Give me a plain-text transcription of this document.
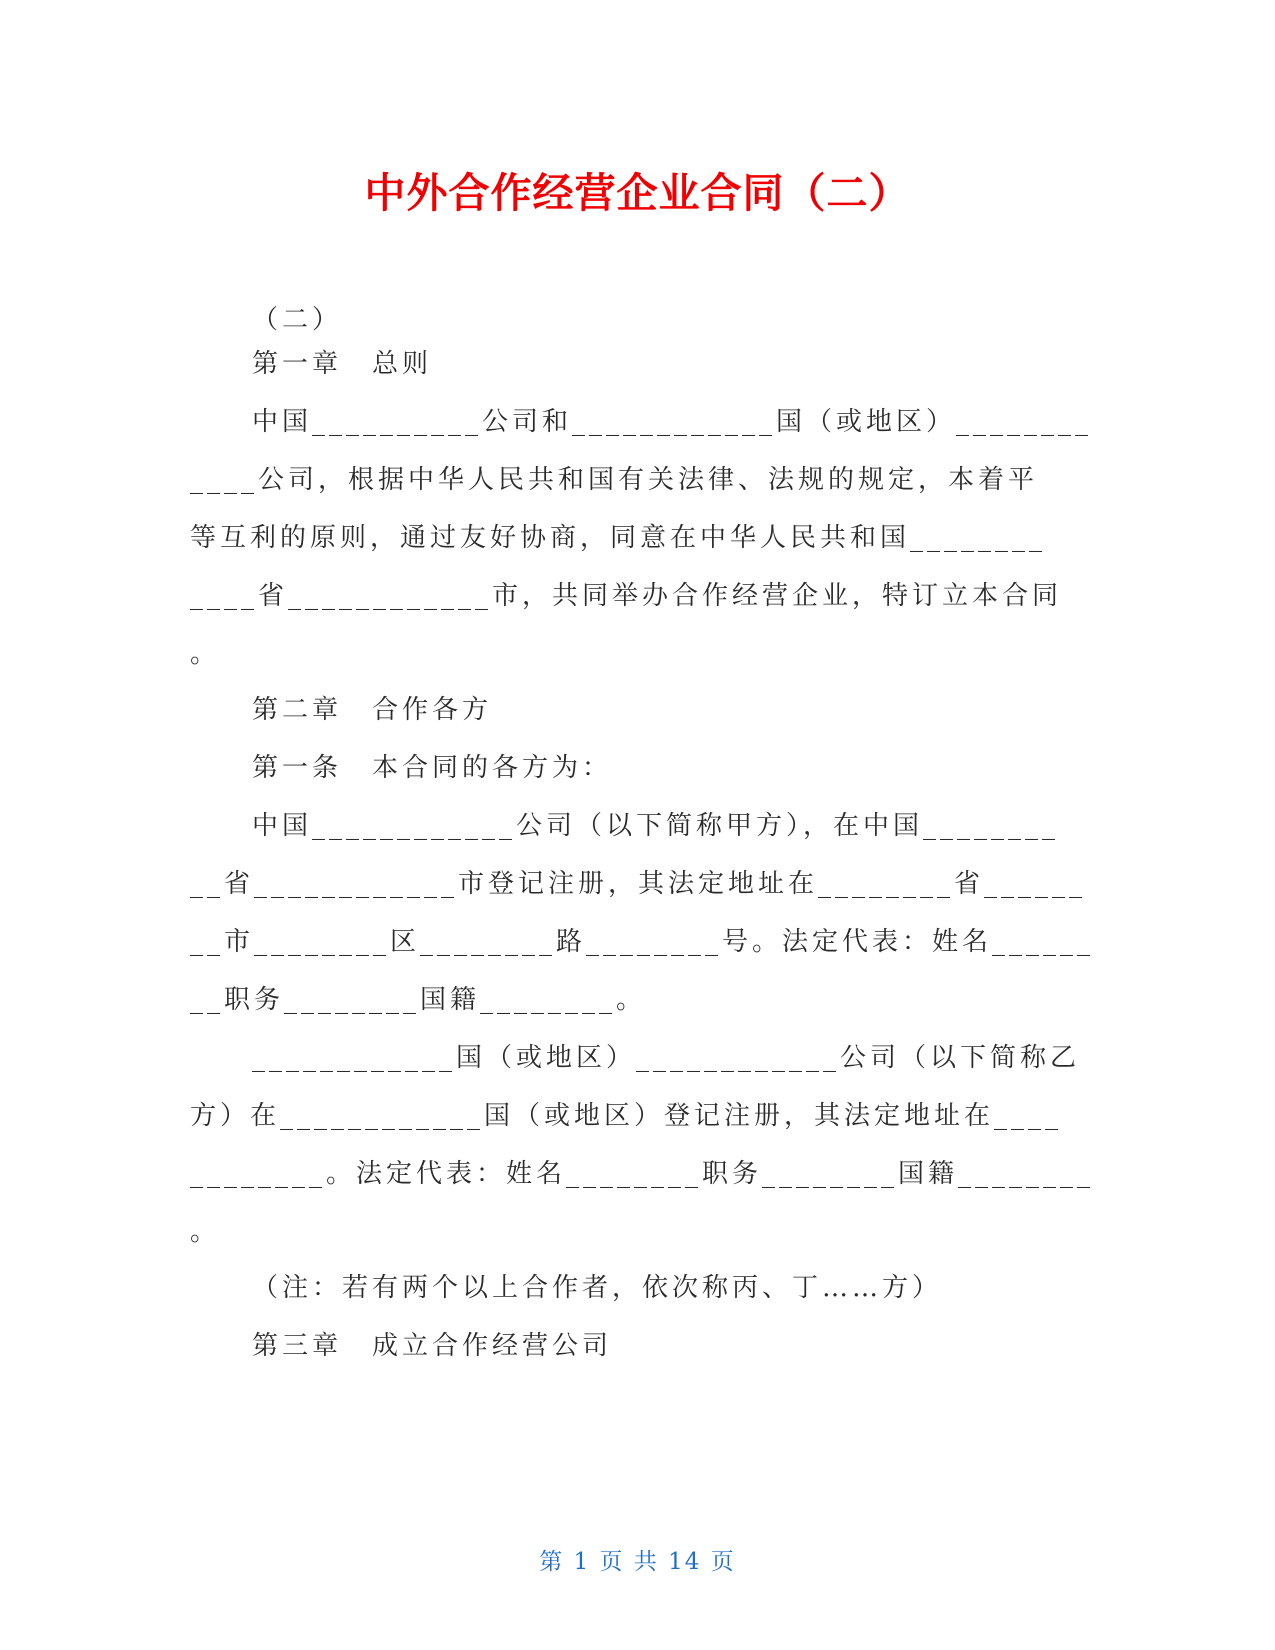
中外合作经营企业合同（二）
（二）
第一章　总则
中国__________公司和____________国（或地区）________
____公司，根据中华人民共和国有关法律、法规的规定，本着平
等互利的原则，通过友好协商，同意在中华人民共和国________
____省____________市，共同举办合作经营企业，特订立本合同
。
第二章　合作各方
第一条　本合同的各方为：
中国____________公司（以下简称甲方），在中国________
__省____________市登记注册，其法定地址在________省______
__市________区________路________号。法定代表：姓名______
__职务________国籍________。
____________国（或地区）____________公司（以下简称乙
方）在____________国（或地区）登记注册，其法定地址在____
________。法定代表：姓名________职务________国籍________
。
（注：若有两个以上合作者，依次称丙、丁……方）
第三章　成立合作经营公司
第 1 页 共 14 页
